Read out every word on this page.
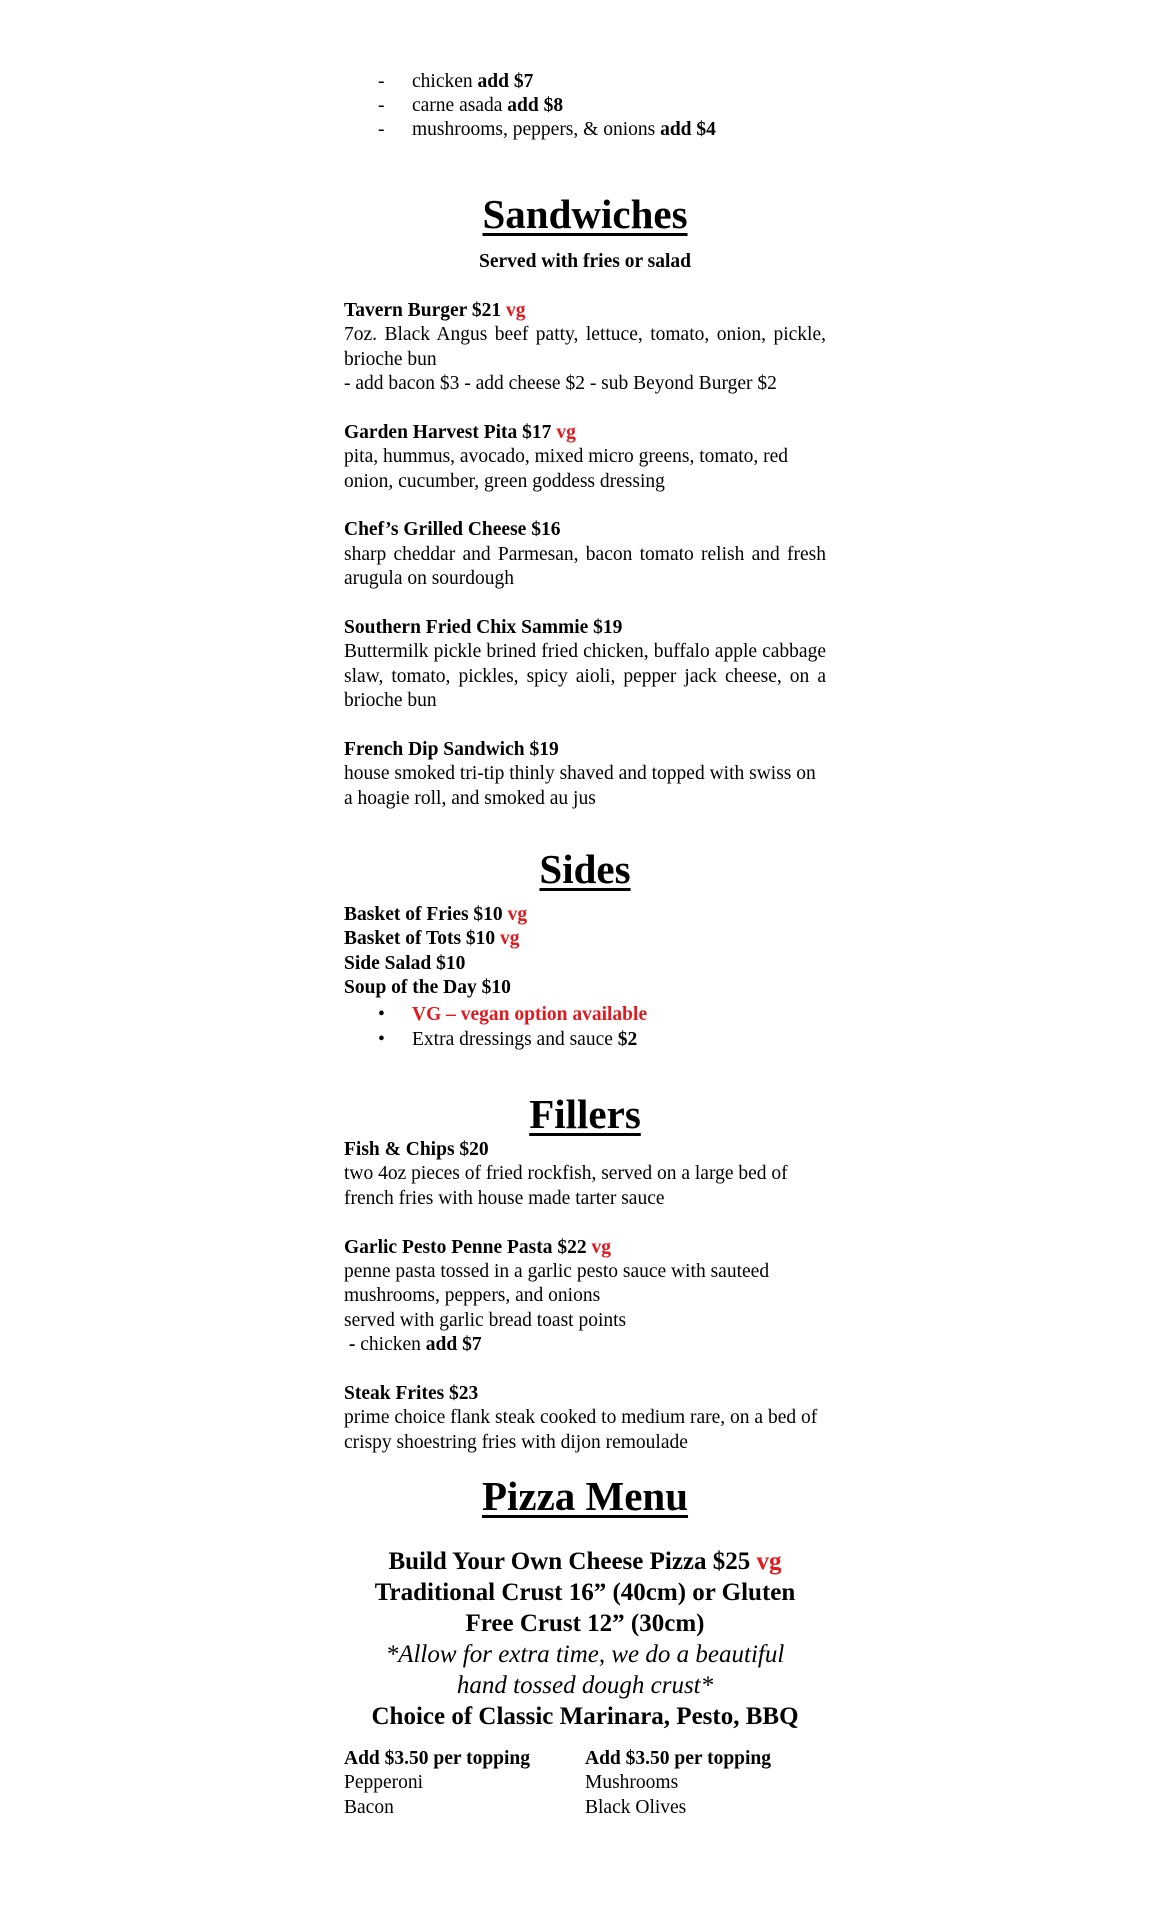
- chicken add $7
- carne asada add $8
- mushrooms, peppers, & onions add $4
Sandwiches

Served with fries or salad

Tavern Burger $21 vg

7oz. Black Angus beef patty, lettuce, tomato, onion, pickle, brioche bun

- add bacon $3 - add cheese $2 - sub Beyond Burger $2

Garden Harvest Pita $17 vg

pita, hummus, avocado, mixed micro greens, tomato, red onion, cucumber, green goddess dressing

Chef’s Grilled Cheese $16

sharp cheddar and Parmesan, bacon tomato relish and fresh arugula on sourdough

Southern Fried Chix Sammie $19

Buttermilk pickle brined fried chicken, buffalo apple cabbage slaw, tomato, pickles, spicy aioli, pepper jack cheese, on a brioche bun

French Dip Sandwich $19

house smoked tri-tip thinly shaved and topped with swiss on a hoagie roll, and smoked au jus

Sides

Basket of Fries $10 vg

Basket of Tots $10 vg

Side Salad $10

Soup of the Day $10

• VG – vegan option available

• Extra dressings and sauce $2

Fillers

Fish & Chips $20

two 4oz pieces of fried rockfish, served on a large bed of french fries with house made tarter sauce

Garlic Pesto Penne Pasta $22 vg

penne pasta tossed in a garlic pesto sauce with sauteed mushrooms, peppers, and onions

served with garlic bread toast points

- chicken add $7

Steak Frites $23

prime choice flank steak cooked to medium rare, on a bed of crispy shoestring fries with dijon remoulade

Pizza Menu

Build Your Own Cheese Pizza $25 vg

Traditional Crust 16” (40cm) or Gluten Free Crust 12” (30cm)

*Allow for extra time, we do a beautiful hand tossed dough crust*

Choice of Classic Marinara, Pesto, BBQ

Add $3.50 per topping

Pepperoni

Bacon

Add $3.50 per topping

Mushrooms

Black Olives
